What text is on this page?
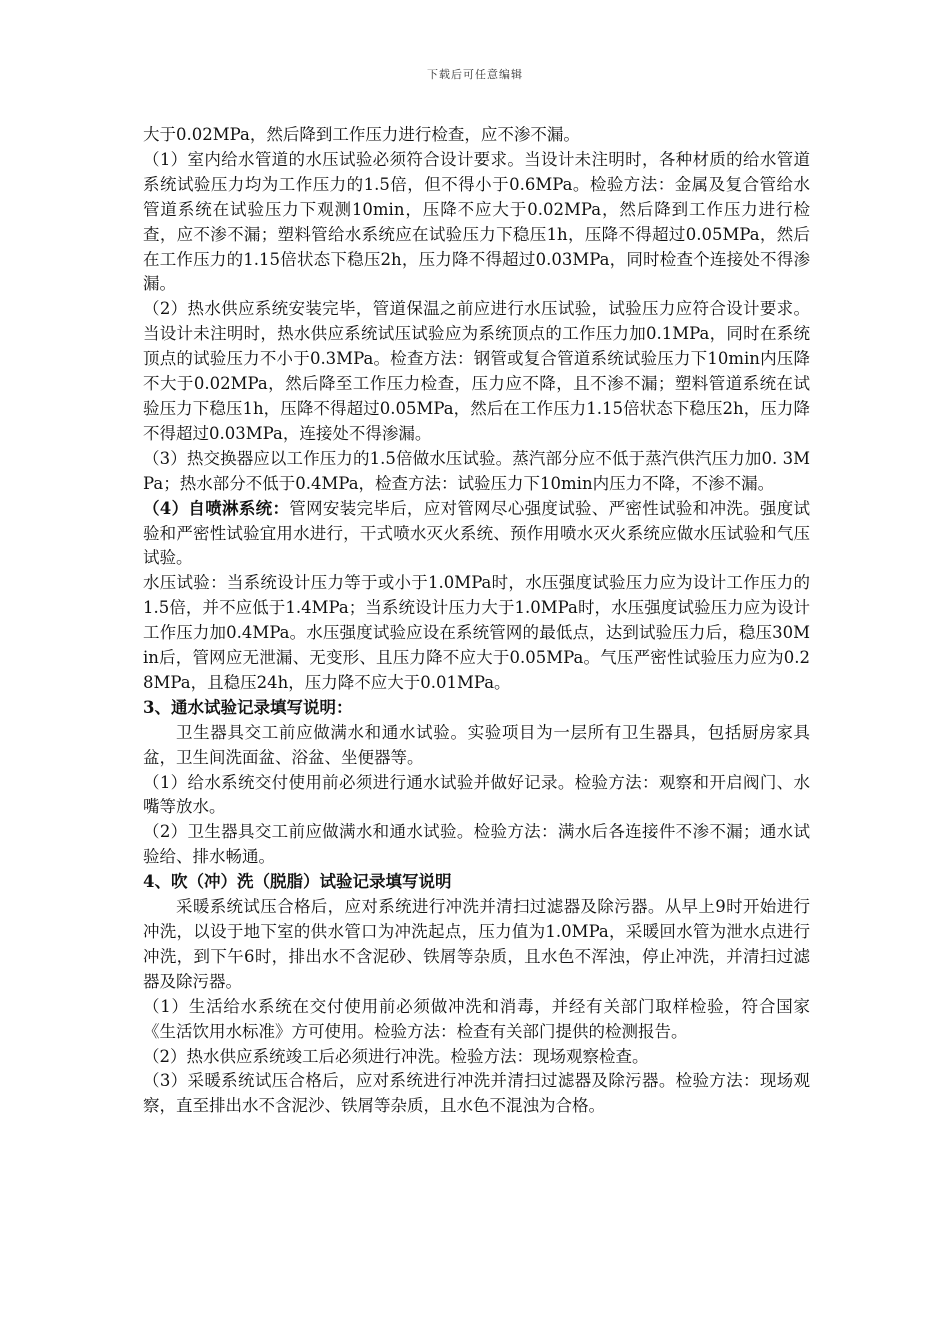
下载后可任意编辑

大于0.02MPa，然后降到工作压力进行检查，应不渗不漏。

（1）室内给水管道的水压试验必须符合设计要求。当设计未注明时，各种材质的给水管道系统试验压力均为工作压力的1.5倍，但不得小于0.6MPa。检验方法：金属及复合管给水管道系统在试验压力下观测10min，压降不应大于0.02MPa，然后降到工作压力进行检查，应不渗不漏；塑料管给水系统应在试验压力下稳压1h，压降不得超过0.05MPa，然后在工作压力的1.15倍状态下稳压2h，压力降不得超过0.03MPa，同时检查个连接处不得渗漏。

（2）热水供应系统安装完毕，管道保温之前应进行水压试验，试验压力应符合设计要求。当设计未注明时，热水供应系统试压试验应为系统顶点的工作压力加0.1MPa，同时在系统顶点的试验压力不小于0.3MPa。检查方法：钢管或复合管道系统试验压力下10min内压降不大于0.02MPa，然后降至工作压力检查，压力应不降，且不渗不漏；塑料管道系统在试验压力下稳压1h，压降不得超过0.05MPa，然后在工作压力1.15倍状态下稳压2h，压力降不得超过0.03MPa，连接处不得渗漏。

（3）热交换器应以工作压力的1.5倍做水压试验。蒸汽部分应不低于蒸汽供汽压力加0. 3MPa；热水部分不低于0.4MPa，检查方法：试验压力下10min内压力不降，不渗不漏。

（4）自喷淋系统：管网安装完毕后，应对管网尽心强度试验、严密性试验和冲洗。强度试验和严密性试验宜用水进行，干式喷水灭火系统、预作用喷水灭火系统应做水压试验和气压试验。

水压试验：当系统设计压力等于或小于1.0MPa时，水压强度试验压力应为设计工作压力的1.5倍，并不应低于1.4MPa；当系统设计压力大于1.0MPa时，水压强度试验压力应为设计工作压力加0.4MPa。水压强度试验应设在系统管网的最低点，达到试验压力后，稳压30Min后，管网应无泄漏、无变形、且压力降不应大于0.05MPa。气压严密性试验压力应为0.28MPa，且稳压24h，压力降不应大于0.01MPa。

3、通水试验记录填写说明：

卫生器具交工前应做满水和通水试验。实验项目为一层所有卫生器具，包括厨房家具盆，卫生间洗面盆、浴盆、坐便器等。

（1）给水系统交付使用前必须进行通水试验并做好记录。检验方法：观察和开启阀门、水嘴等放水。

（2）卫生器具交工前应做满水和通水试验。检验方法：满水后各连接件不渗不漏；通水试验给、排水畅通。

4、吹（冲）洗（脱脂）试验记录填写说明

采暖系统试压合格后，应对系统进行冲洗并清扫过滤器及除污器。从早上9时开始进行冲洗，以设于地下室的供水管口为冲洗起点，压力值为1.0MPa，采暖回水管为泄水点进行冲洗，到下午6时，排出水不含泥砂、铁屑等杂质，且水色不浑浊，停止冲洗，并清扫过滤器及除污器。

（1）生活给水系统在交付使用前必须做冲洗和消毒，并经有关部门取样检验，符合国家《生活饮用水标准》方可使用。检验方法：检查有关部门提供的检测报告。

（2）热水供应系统竣工后必须进行冲洗。检验方法：现场观察检查。

（3）采暖系统试压合格后，应对系统进行冲洗并清扫过滤器及除污器。检验方法：现场观察，直至排出水不含泥沙、铁屑等杂质，且水色不混浊为合格。
